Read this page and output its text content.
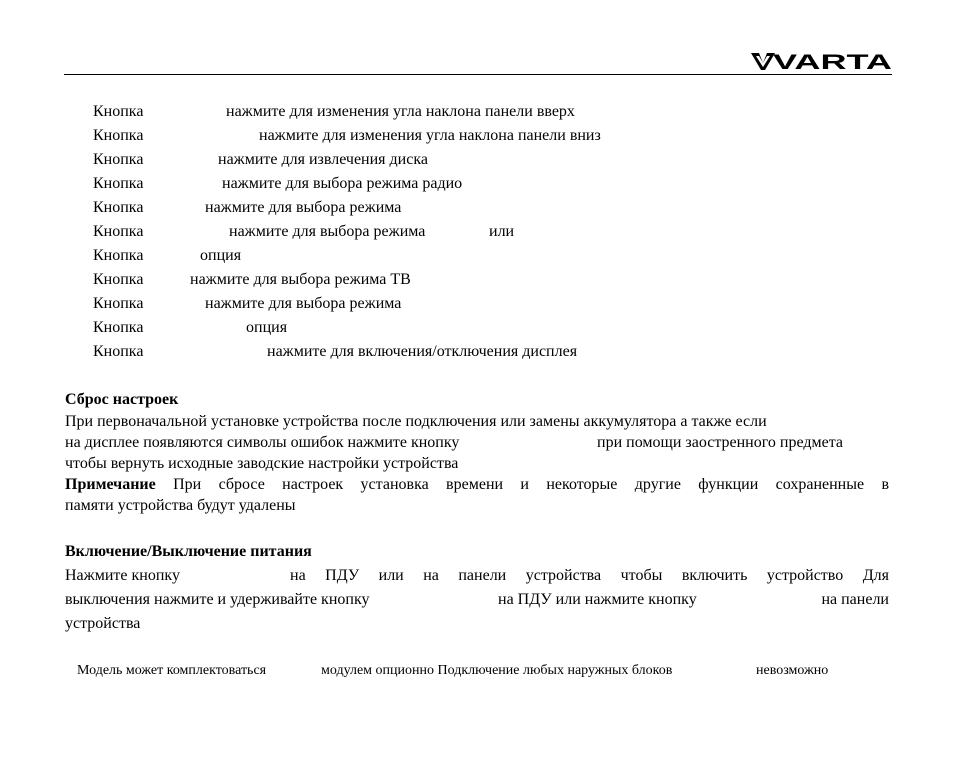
VARTA
Кнопка	нажмите для изменения угла наклона панели вверх
Кнопка	нажмите для изменения угла наклона панели вниз
Кнопка	нажмите для извлечения диска
Кнопка	нажмите для выбора режима радио
Кнопка	нажмите для выбора режима
Кнопка	нажмите для выбора режима	или
Кнопка	опция
Кнопка	нажмите для выбора режима ТВ
Кнопка	нажмите для выбора режима
Кнопка	опция
Кнопка	нажмите для включения/отключения дисплея
Сброс настроек
При первоначальной установке устройства после подключения или замены аккумулятора а также если
на дисплее появляются символы ошибок нажмите кнопку	при помощи заостренного предмета
чтобы вернуть исходные заводские настройки устройства
Примечание При сбросе настроек установка времени и некоторые другие функции сохраненные в
памяти устройства будут удалены
Включение/Выключение питания
Нажмите кнопку	на ПДУ или на панели устройства чтобы включить устройство Для
выключения нажмите и удерживайте кнопку	на ПДУ или нажмите кнопку	на панели
устройства
Модель может комплектоваться	модулем опционно Подключение любых наружных блоков	невозможно
